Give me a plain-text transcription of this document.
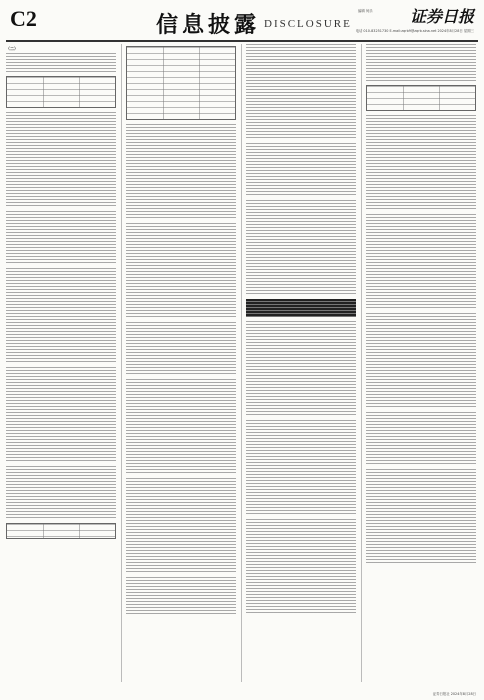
C2	信息披露 DISCLOSURE
编辑 何乐 证券日报
电话 010-83251730 E-mail:zqrb9@zqrb.sina.net 2024年8月28日 星期三
（二）
证券日报社 2024年8月28日
